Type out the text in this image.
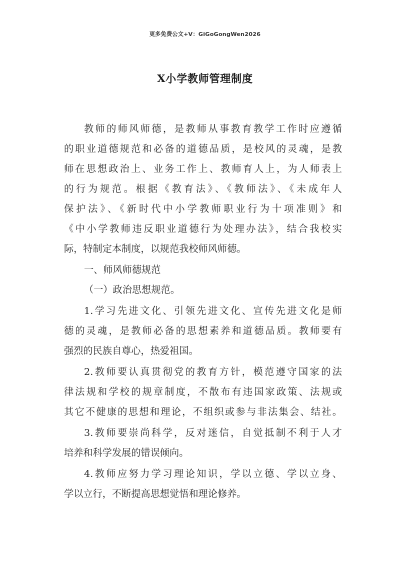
更多免费公文+V：GiGoGongWen2026
X小学教师管理制度
教师的师风师德，是教师从事教育教学工作时应遵循
的职业道德规范和必备的道德品质，是校风的灵魂，是教
师在思想政治上、业务工作上、教师育人上，为人师表上
的行为规范。根据《教育法》、《教师法》、《未成年人
保护法》、《新时代中小学教师职业行为十项准则》和
《中小学教师违反职业道德行为处理办法》，结合我校实
际，特制定本制度，以规范我校师风师德。
一、师风师德规范
（一）政治思想规范。
1.学习先进文化、引领先进文化、宣传先进文化是师
德的灵魂，是教师必备的思想素养和道德品质。教师要有
强烈的民族自尊心，热爱祖国。
2.教师要认真贯彻党的教育方针，模范遵守国家的法
律法规和学校的规章制度，不散布有违国家政策、法规或
其它不健康的思想和理论，不组织或参与非法集会、结社。
3.教师要崇尚科学，反对迷信，自觉抵制不利于人才
培养和科学发展的错误倾向。
4.教师应努力学习理论知识，学以立德、学以立身、
学以立行，不断提高思想觉悟和理论修养。
